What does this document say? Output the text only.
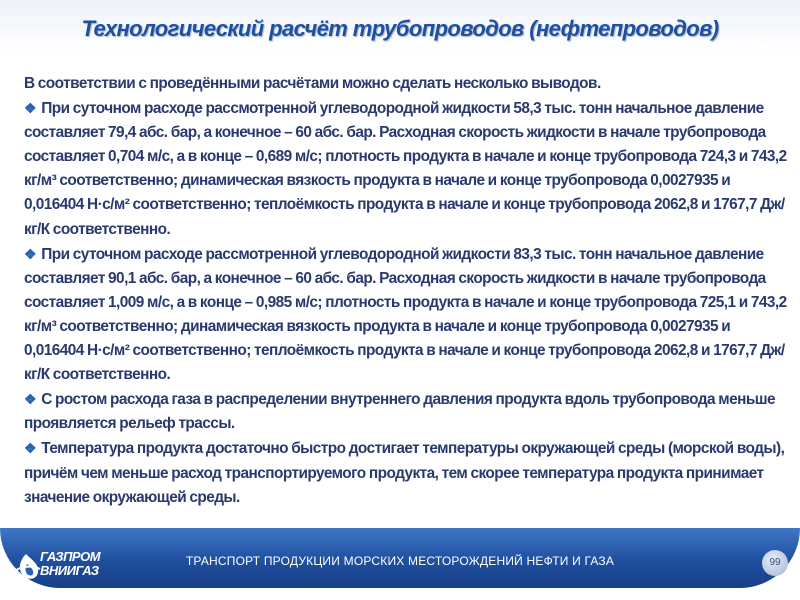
Технологический расчёт трубопроводов (нефтепроводов)

В соответствии с проведёнными расчётами можно сделать несколько выводов.

❖ При суточном расходе рассмотренной углеводородной жидкости 58,3 тыс. тонн начальное давление составляет 79,4 абс. бар, а конечное – 60 абс. бар. Расходная скорость жидкости в начале трубопровода составляет 0,704 м/с, а в конце – 0,689 м/с; плотность продукта в начале и конце трубопровода 724,3 и 743,2 кг/м³ соответственно; динамическая вязкость продукта в начале и конце трубопровода 0,0027935 и 0,016404 Н·с/м² соответственно; теплоёмкость продукта в начале и конце трубопровода 2062,8 и 1767,7 Дж/кг/К соответственно.

❖ При суточном расходе рассмотренной углеводородной жидкости 83,3 тыс. тонн начальное давление составляет 90,1 абс. бар, а конечное – 60 абс. бар. Расходная скорость жидкости в начале трубопровода составляет 1,009 м/с, а в конце – 0,985 м/с; плотность продукта в начале и конце трубопровода 725,1 и 743,2 кг/м³ соответственно; динамическая вязкость продукта в начале и конце трубопровода 0,0027935 и 0,016404 Н·с/м² соответственно; теплоёмкость продукта в начале и конце трубопровода 2062,8 и 1767,7 Дж/кг/К соответственно.

❖ С ростом расхода газа в распределении внутреннего давления продукта вдоль трубопровода меньше проявляется рельеф трассы.

❖ Температура продукта достаточно быстро достигает температуры окружающей среды (морской воды), причём чем меньше расход транспортируемого продукта, тем скорее температура продукта принимает значение окружающей среды.

ТРАНСПОРТ ПРОДУКЦИИ МОРСКИХ МЕСТОРОЖДЕНИЙ НЕФТИ И ГАЗА
ГАЗПРОМ
ВНИИГАЗ
99
